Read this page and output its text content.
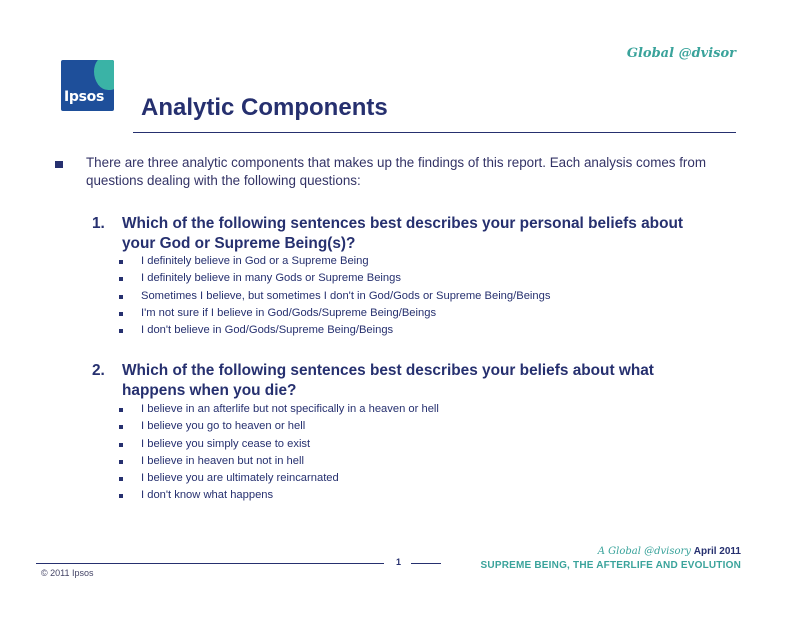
Global @dvisor
Ipsos Analytic Components
There are three analytic components that makes up the findings of this report. Each analysis comes from questions dealing with the following questions:
1. Which of the following sentences best describes your personal beliefs about your God or Supreme Being(s)?
I definitely believe in God or a Supreme Being
I definitely believe in many Gods or Supreme Beings
Sometimes I believe, but sometimes I don't in God/Gods or Supreme Being/Beings
I'm not sure if I believe in God/Gods/Supreme Being/Beings
I don't believe in God/Gods/Supreme Being/Beings
2. Which of the following sentences best describes your beliefs about what happens when you die?
I believe in an afterlife but not specifically in a heaven or hell
I believe you go to heaven or hell
I believe you simply cease to exist
I believe in heaven but not in hell
I believe you are ultimately reincarnated
I don't know what happens
1
© 2011 Ipsos
A Global @dvisory April 2011
SUPREME BEING, THE AFTERLIFE AND EVOLUTION
